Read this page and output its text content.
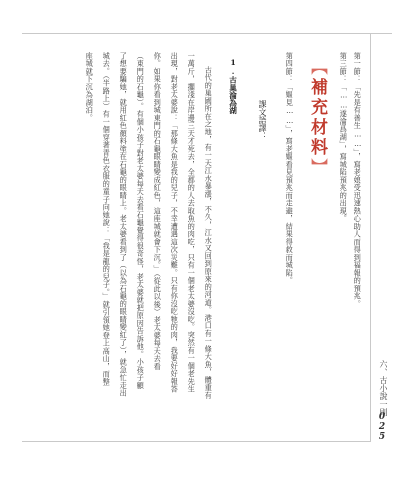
六、古小說一則
025
第一節：「先是有善生……」，寫老娘受迅速熱心助人而得到福報的預兆。
第三節：「……遂淪爲湖」，寫城陷預兆的出現。
【補充材料】
第四節：「嫗見……」，寫老嫗看見預兆而走避，結果得救而城陷。
課文語譯：
1.古巢淪為湖
古代的巢國所在之地，有一天江水暴漲，不久，江水又回到原來的河道。港口有一條大魚，體重有
一萬斤，擱淺在岸邊三天才死去，全郡的人去取魚的肉吃，只有一個老太婆沒吃。突然有一個老先生
出現，對老太婆說：「那條大魚是我的兒子，不幸遭遇這次災難。只有你沒吃牠的肉，我要好好報答
你。如果你看到城東門的石龜眼睛變成紅色，這座城就會下沉。」（從此以後）老太婆每天去看
（東門的石龜）。有個小孩子對老太婆每天去看石龜覺得很奇怪，老太婆就把原因告訴他。小孩子顧
了想要騙她，就用紅色顏料塗在石龜的眼睛上。老太婆看到了（以為石龜的眼睛變紅了），就急忙走出
城去。（半路上）有一個穿著青色衣服的童子向她說：「我是龍的兒子。」就引領她登上高山，而整
座城就下沉為湖泊。
